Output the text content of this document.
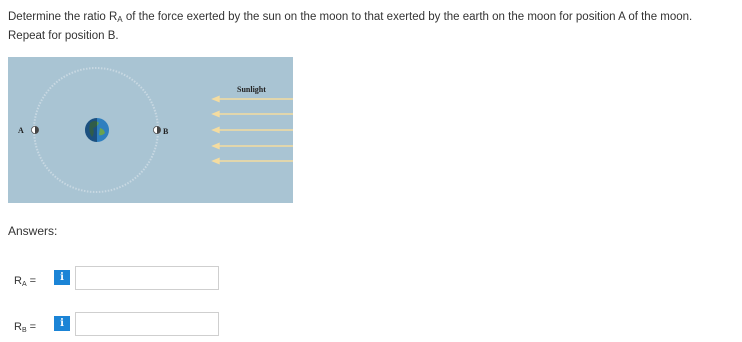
Determine the ratio $R_A$ of the force exerted by the sun on the moon to that exerted by the earth on the moon for position A of the moon. Repeat for position B.
A	B
Sunlight
Answers:
$R_A$ =	i
$R_B$ =	i
